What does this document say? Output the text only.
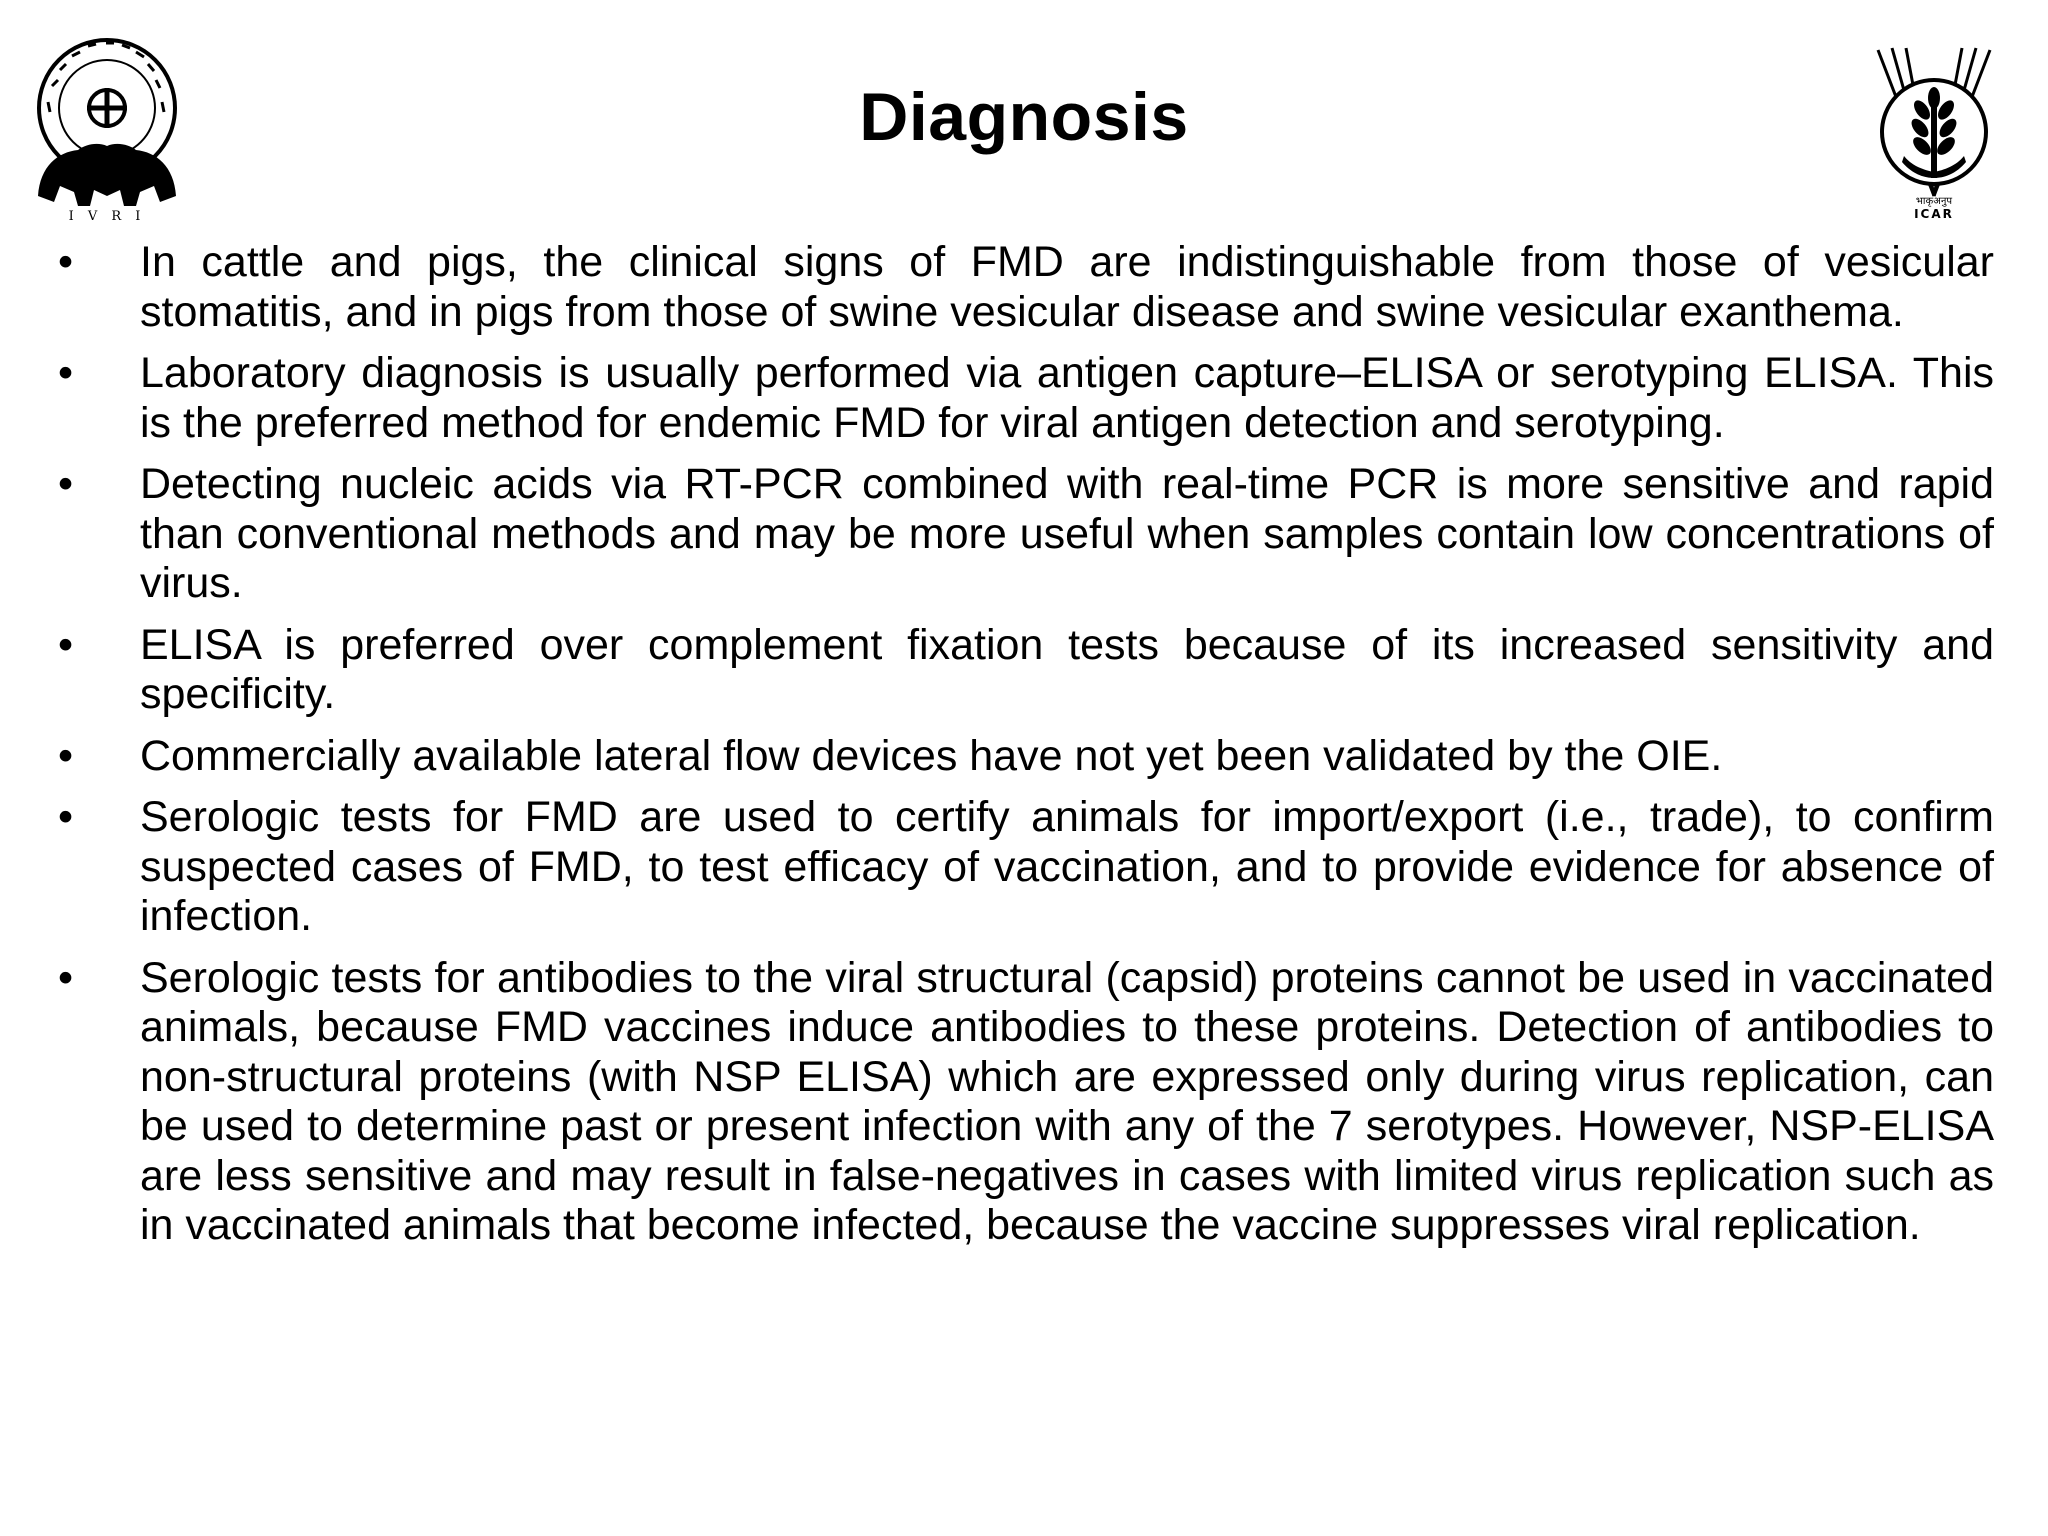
I V R I
Diagnosis
भाकृअनुप
ICAR
•	In cattle and pigs, the clinical signs of FMD are indistinguishable from those of vesicular stomatitis, and in pigs from those of swine vesicular disease and swine vesicular exanthema.
•	Laboratory diagnosis is usually performed via antigen capture–ELISA or serotyping ELISA. This is the preferred method for endemic FMD for viral antigen detection and serotyping.
•	Detecting nucleic acids via RT-PCR combined with real-time PCR is more sensitive and rapid than conventional methods and may be more useful when samples contain low concentrations of virus.
•	ELISA is preferred over complement fixation tests because of its increased sensitivity and specificity.
•	Commercially available lateral flow devices have not yet been validated by the OIE.
•	Serologic tests for FMD are used to certify animals for import/export (i.e., trade), to confirm suspected cases of FMD, to test efficacy of vaccination, and to provide evidence for absence of infection.
•	Serologic tests for antibodies to the viral structural (capsid) proteins cannot be used in vaccinated animals, because FMD vaccines induce antibodies to these proteins. Detection of antibodies to non-structural proteins (with NSP ELISA) which are expressed only during virus replication, can be used to determine past or present infection with any of the 7 serotypes. However, NSP-ELISA are less sensitive and may result in false-negatives in cases with limited virus replication such as in vaccinated animals that become infected, because the vaccine suppresses viral replication.
